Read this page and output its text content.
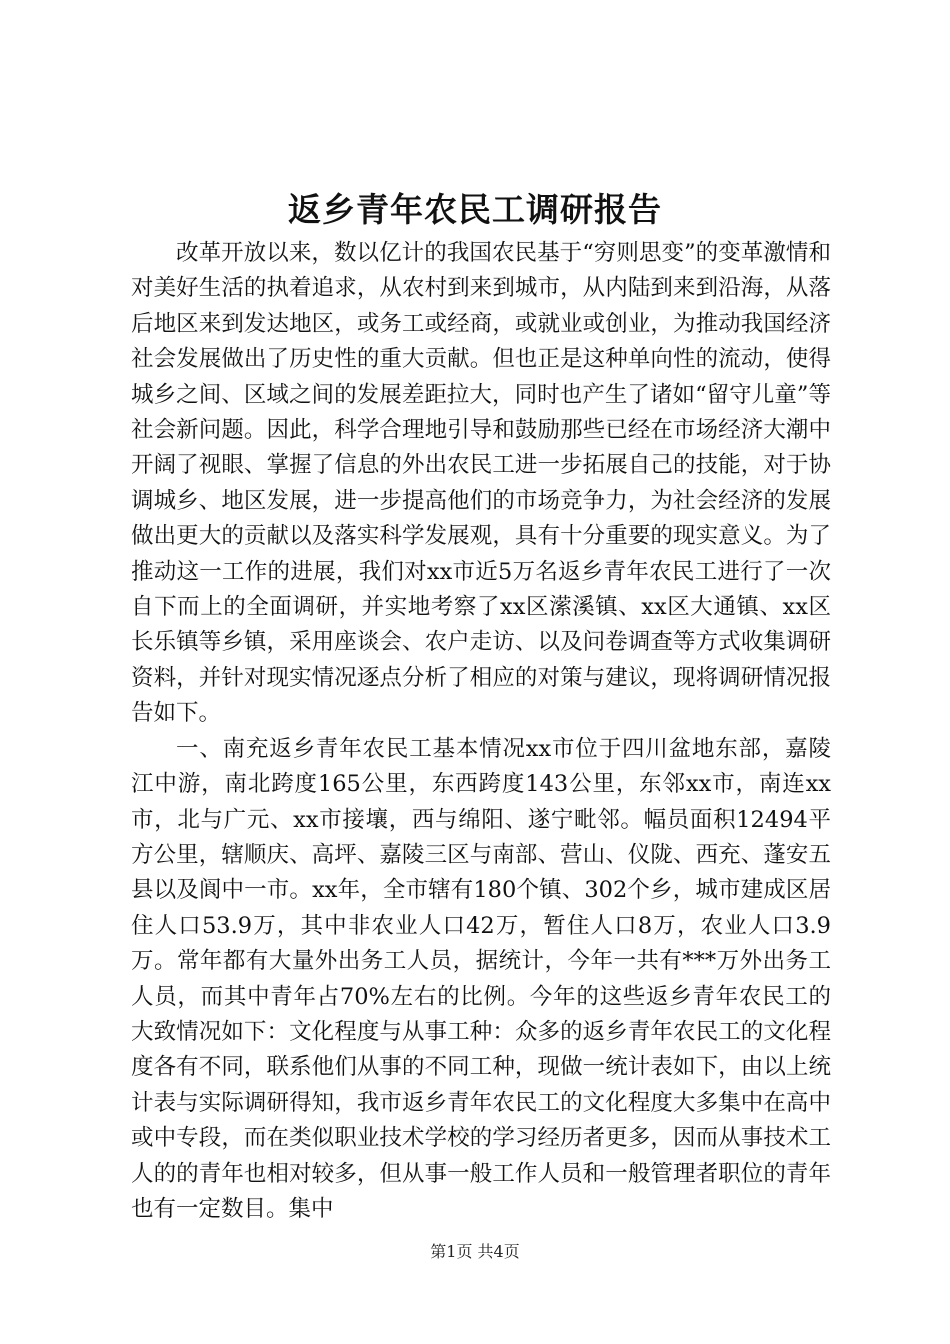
返乡青年农民工调研报告

改革开放以来，数以亿计的我国农民基于“穷则思变”的变革激情和对美好生活的执着追求，从农村到来到城市，从内陆到来到沿海，从落后地区来到发达地区，或务工或经商，或就业或创业，为推动我国经济社会发展做出了历史性的重大贡献。但也正是这种单向性的流动，使得城乡之间、区域之间的发展差距拉大，同时也产生了诸如“留守儿童”等社会新问题。因此，科学合理地引导和鼓励那些已经在市场经济大潮中开阔了视眼、掌握了信息的外出农民工进一步拓展自己的技能，对于协调城乡、地区发展，进一步提高他们的市场竞争力，为社会经济的发展做出更大的贡献以及落实科学发展观，具有十分重要的现实意义。为了推动这一工作的进展，我们对xx市近5万名返乡青年农民工进行了一次自下而上的全面调研，并实地考察了xx区潆溪镇、xx区大通镇、xx区长乐镇等乡镇，采用座谈会、农户走访、以及问卷调查等方式收集调研资料，并针对现实情况逐点分析了相应的对策与建议，现将调研情况报告如下。

一、南充返乡青年农民工基本情况xx市位于四川盆地东部，嘉陵江中游，南北跨度165公里，东西跨度143公里，东邻xx市，南连xx市，北与广元、xx市接壤，西与绵阳、遂宁毗邻。幅员面积12494平方公里，辖顺庆、高坪、嘉陵三区与南部、营山、仪陇、西充、蓬安五县以及阆中一市。xx年，全市辖有180个镇、302个乡，城市建成区居住人口53.9万，其中非农业人口42万，暂住人口8万，农业人口3.9万。常年都有大量外出务工人员，据统计，今年一共有***万外出务工人员，而其中青年占70%左右的比例。今年的这些返乡青年农民工的大致情况如下：文化程度与从事工种：众多的返乡青年农民工的文化程度各有不同，联系他们从事的不同工种，现做一统计表如下，由以上统计表与实际调研得知，我市返乡青年农民工的文化程度大多集中在高中或中专段，而在类似职业技术学校的学习经历者更多，因而从事技术工人的的青年也相对较多，但从事一般工作人员和一般管理者职位的青年也有一定数目。集中

第1页 共4页
